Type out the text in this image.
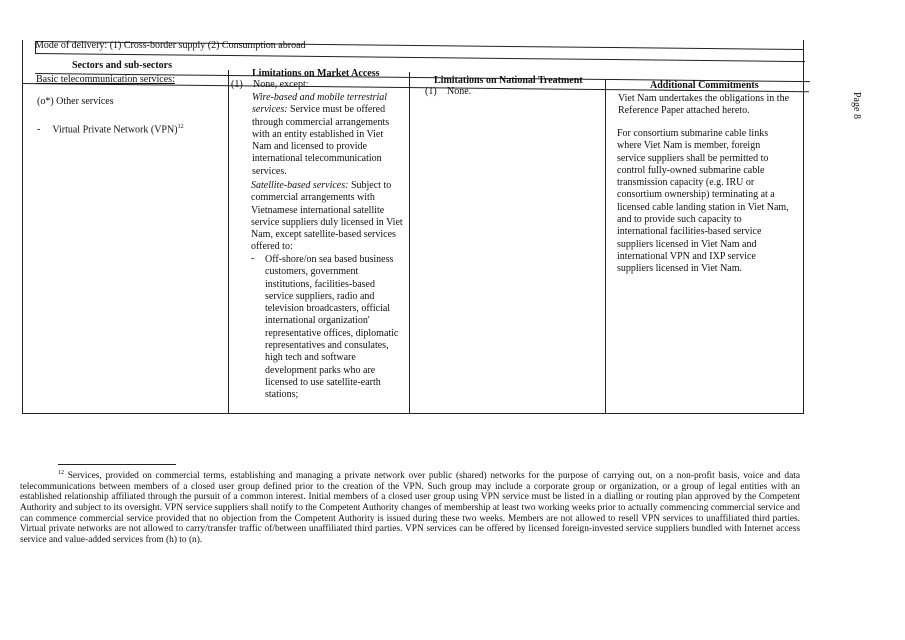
Page 8
Mode of delivery: (1) Cross-border supply (2) Consumption abroad
Sectors and sub-sectors
Limitations on Market Access
Limitations on National Treatment	Additional Commitments
Basic telecommunication services:
(o*) Other services
- Virtual Private Network (VPN)$^{12}$
(1) None, except:
Wire-based and mobile terrestrial services: Service must be offered through commercial arrangements with an entity established in Viet Nam and licensed to provide international telecommunication services.
Satellite-based services: Subject to commercial arrangements with Vietnamese international satellite service suppliers duly licensed in Viet Nam, except satellite-based services offered to:
- Off-shore/on sea based business customers, government institutions, facilities-based service suppliers, radio and television broadcasters, official international organization' representative offices, diplomatic representatives and consulates, high tech and software development parks who are licensed to use satellite-earth stations;
(1) None.
Viet Nam undertakes the obligations in the Reference Paper attached hereto.
For consortium submarine cable links where Viet Nam is member, foreign service suppliers shall be permitted to control fully-owned submarine cable transmission capacity (e.g. IRU or consortium ownership) terminating at a licensed cable landing station in Viet Nam, and to provide such capacity to international facilities-based service suppliers licensed in Viet Nam and international VPN and IXP service suppliers licensed in Viet Nam.
$^{12}$ Services, provided on commercial terms, establishing and managing a private network over public (shared) networks for the purpose of carrying out, on a non-profit basis, voice and data telecommunications between members of a closed user group defined prior to the creation of the VPN. Such group may include a corporate group or organization, or a group of legal entities with an established relationship affiliated through the pursuit of a common interest. Initial members of a closed user group using VPN service must be listed in a dialling or routing plan approved by the Competent Authority and subject to its oversight. VPN service suppliers shall notify to the Competent Authority changes of membership at least two working weeks prior to actually commencing commercial service and can commence commercial service provided that no objection from the Competent Authority is issued during these two weeks. Members are not allowed to resell VPN services to unaffiliated third parties. Virtual private networks are not allowed to carry/transfer traffic of/between unaffiliated third parties. VPN services can be offered by licensed foreign-invested service suppliers bundled with Internet access service and value-added services from (h) to (n).
